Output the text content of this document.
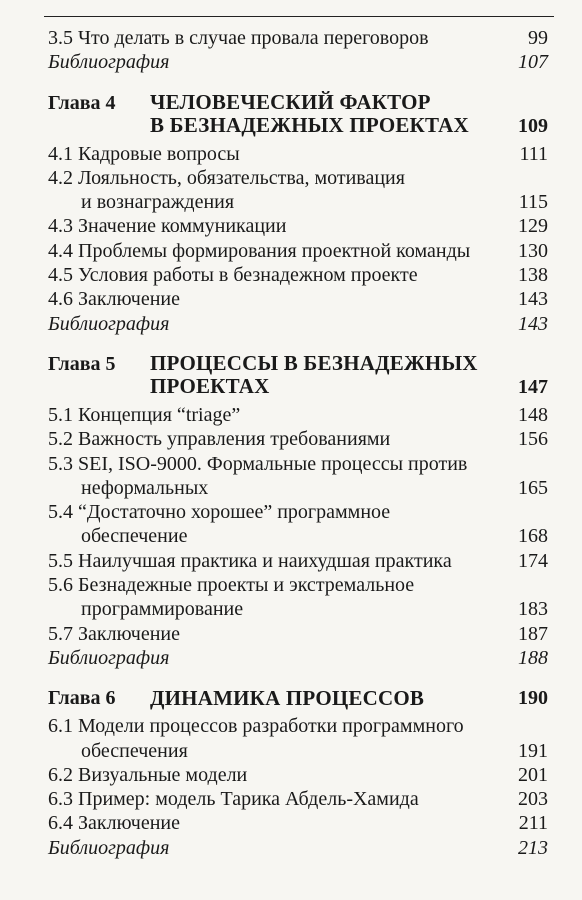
3.5 Что делать в случае провала переговоров	99
Библиография	107
Глава 4	ЧЕЛОВЕЧЕСКИЙ ФАКТОР
В БЕЗНАДЕЖНЫХ ПРОЕКТАХ	109
4.1 Кадровые вопросы	111
4.2 Лояльность, обязательства, мотивация
и вознаграждения	115
4.3 Значение коммуникации	129
4.4 Проблемы формирования проектной команды	130
4.5 Условия работы в безнадежном проекте	138
4.6 Заключение	143
Библиография	143
Глава 5	ПРОЦЕССЫ В БЕЗНАДЕЖНЫХ
ПРОЕКТАХ	147
5.1 Концепция “triage”	148
5.2 Важность управления требованиями	156
5.3 SEI, ISO-9000. Формальные процессы против
неформальных	165
5.4 “Достаточно хорошее” программное
обеспечение	168
5.5 Наилучшая практика и наихудшая практика	174
5.6 Безнадежные проекты и экстремальное
программирование	183
5.7 Заключение	187
Библиография	188
Глава 6	ДИНАМИКА ПРОЦЕССОВ	190
6.1 Модели процессов разработки программного
обеспечения	191
6.2 Визуальные модели	201
6.3 Пример: модель Тарика Абдель-Хамида	203
6.4 Заключение	211
Библиография	213
